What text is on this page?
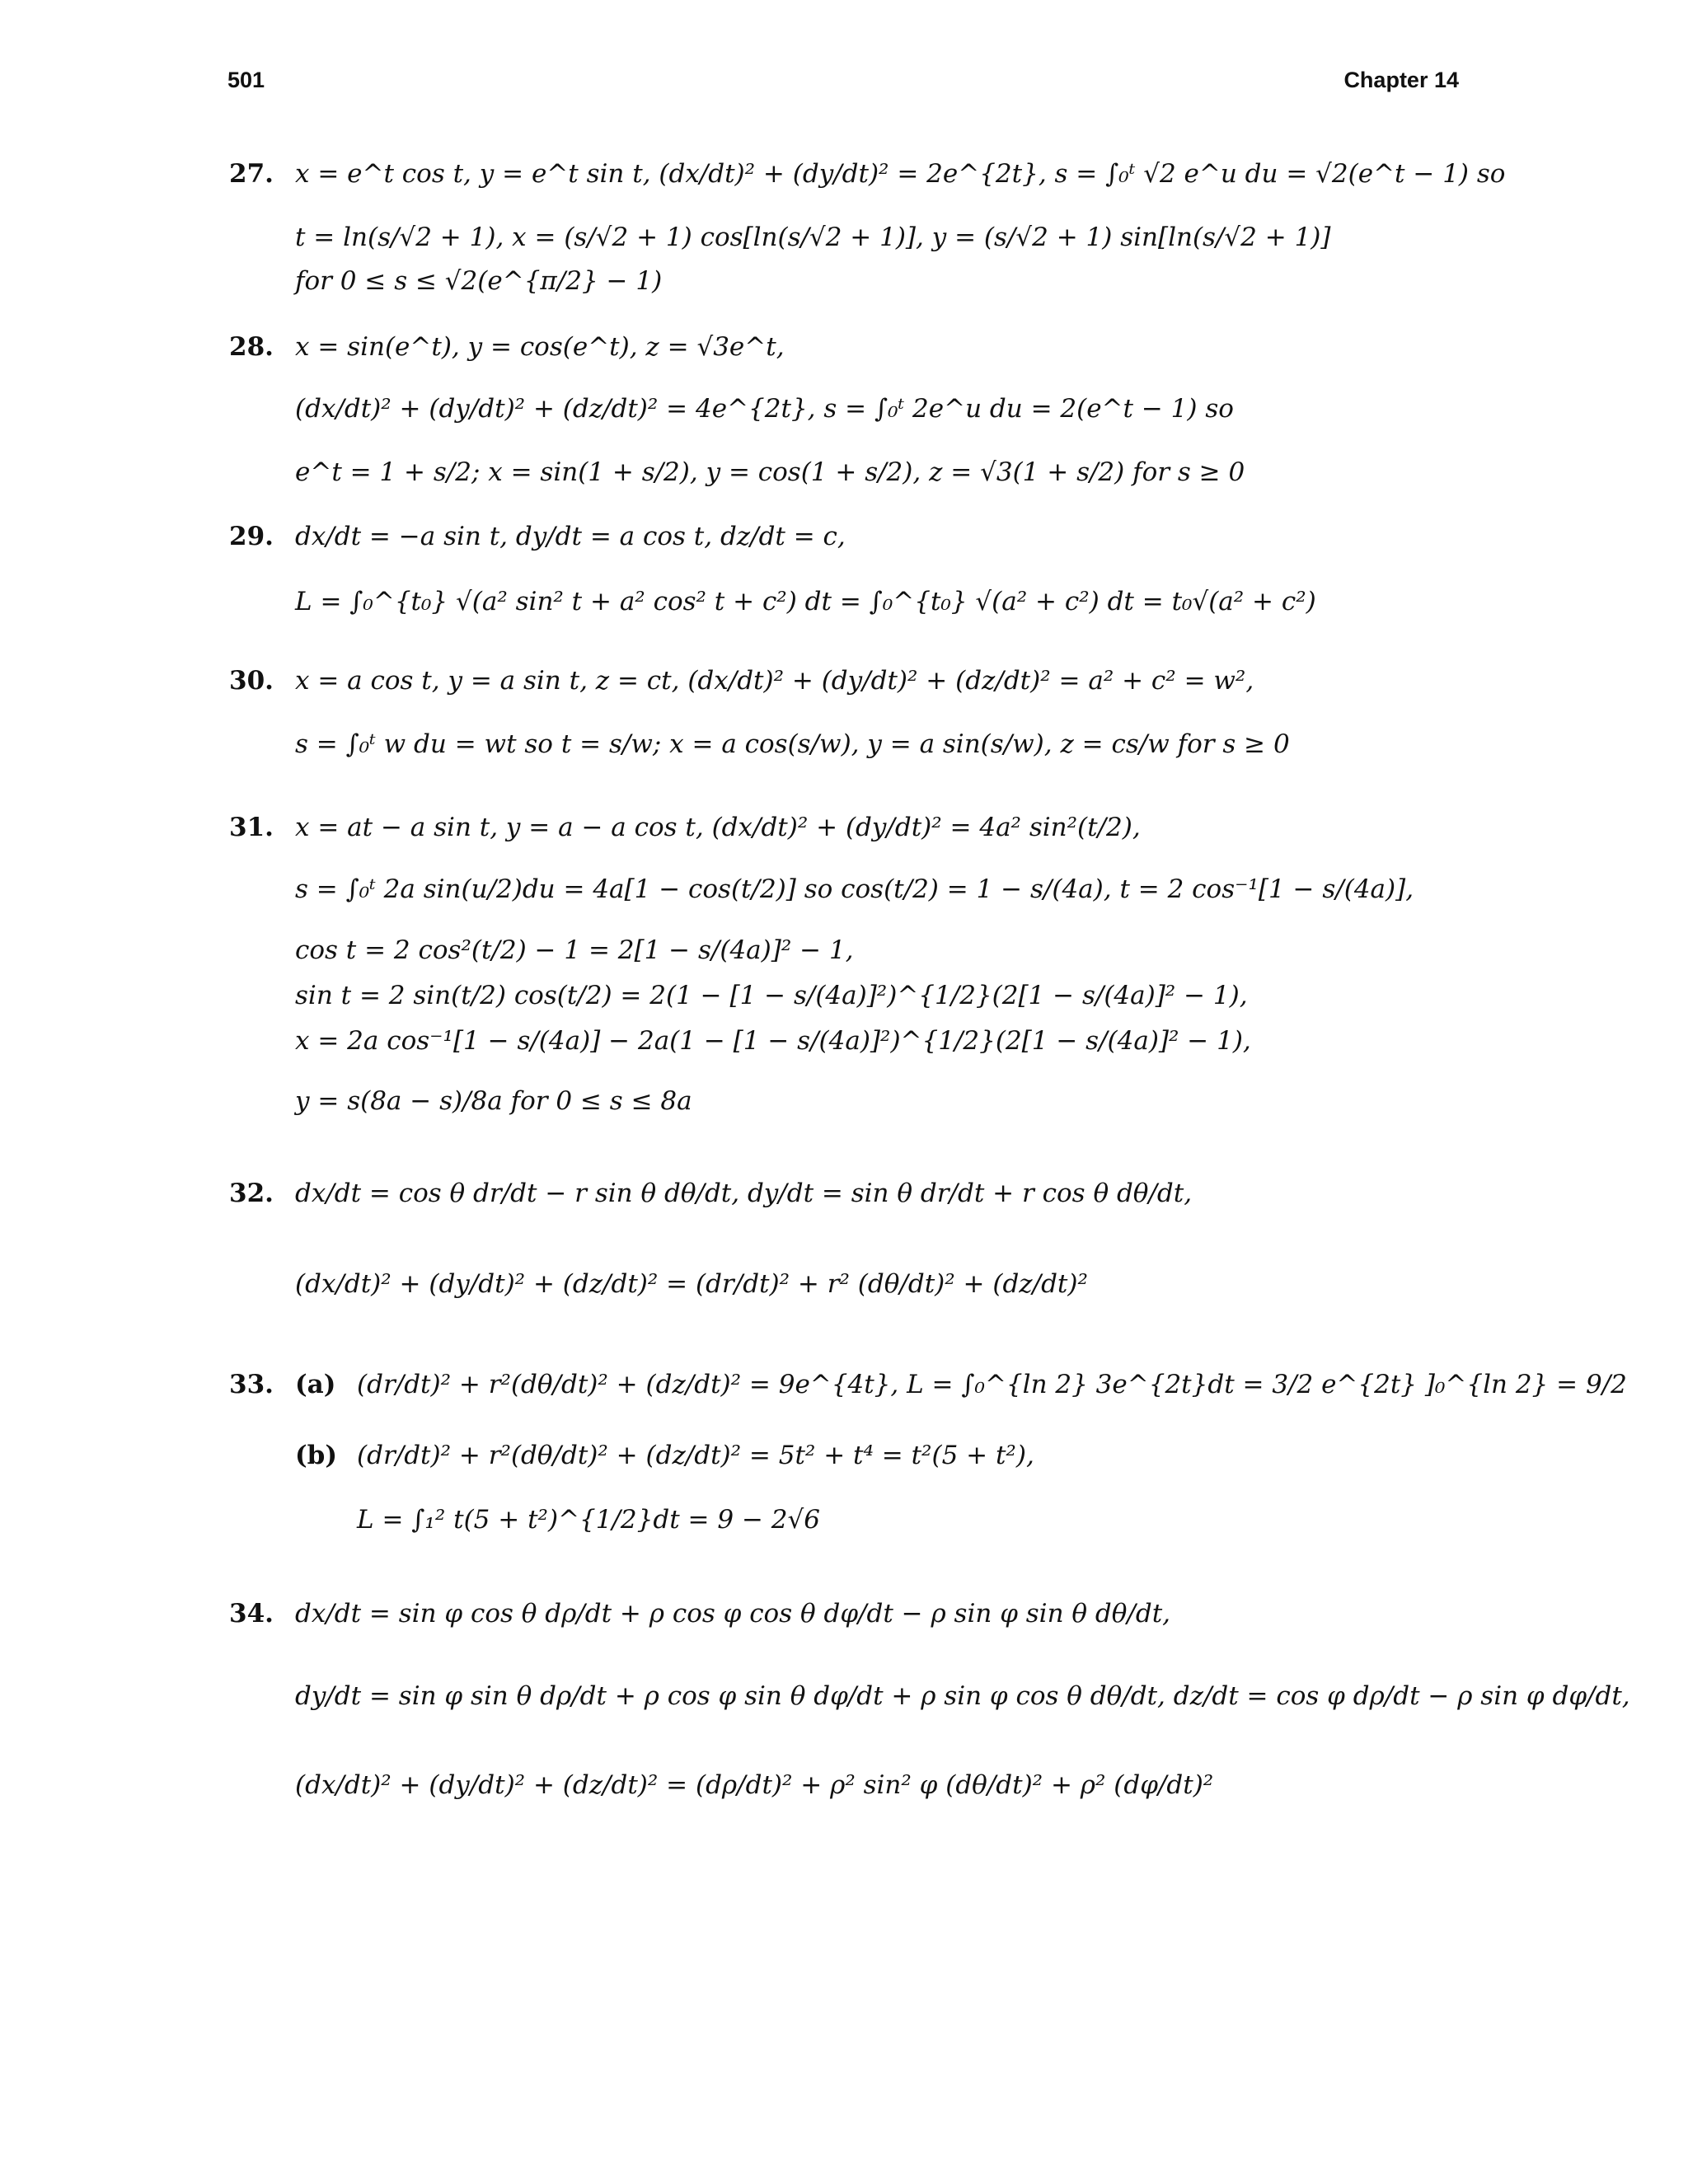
501	Chapter 14
27. x = e^t cos t, y = e^t sin t, (dx/dt)² + (dy/dt)² = 2e^{2t}, s = ∫₀ᵗ √2 e^u du = √2(e^t − 1) so
t = ln(s/√2 + 1), x = (s/√2 + 1) cos[ln(s/√2 + 1)], y = (s/√2 + 1) sin[ln(s/√2 + 1)]
for 0 ≤ s ≤ √2(e^{π/2} − 1)
28. x = sin(e^t), y = cos(e^t), z = √3e^t,
(dx/dt)² + (dy/dt)² + (dz/dt)² = 4e^{2t}, s = ∫₀ᵗ 2e^u du = 2(e^t − 1) so
e^t = 1 + s/2; x = sin(1 + s/2), y = cos(1 + s/2), z = √3(1 + s/2) for s ≥ 0
29. dx/dt = −a sin t, dy/dt = a cos t, dz/dt = c,
L = ∫₀^{t₀} √(a² sin² t + a² cos² t + c²) dt = ∫₀^{t₀} √(a² + c²) dt = t₀√(a² + c²)
30. x = a cos t, y = a sin t, z = ct, (dx/dt)² + (dy/dt)² + (dz/dt)² = a² + c² = w²,
s = ∫₀ᵗ w du = wt so t = s/w; x = a cos(s/w), y = a sin(s/w), z = cs/w for s ≥ 0
31. x = at − a sin t, y = a − a cos t, (dx/dt)² + (dy/dt)² = 4a² sin²(t/2),
s = ∫₀ᵗ 2a sin(u/2)du = 4a[1 − cos(t/2)] so cos(t/2) = 1 − s/(4a), t = 2 cos⁻¹[1 − s/(4a)],
cos t = 2 cos²(t/2) − 1 = 2[1 − s/(4a)]² − 1,
sin t = 2 sin(t/2) cos(t/2) = 2(1 − [1 − s/(4a)]²)^{1/2}(2[1 − s/(4a)]² − 1),
x = 2a cos⁻¹[1 − s/(4a)] − 2a(1 − [1 − s/(4a)]²)^{1/2}(2[1 − s/(4a)]² − 1),
y = s(8a − s)/8a for 0 ≤ s ≤ 8a
32. dx/dt = cos θ dr/dt − r sin θ dθ/dt, dy/dt = sin θ dr/dt + r cos θ dθ/dt,
(dx/dt)² + (dy/dt)² + (dz/dt)² = (dr/dt)² + r² (dθ/dt)² + (dz/dt)²
33. (a) (dr/dt)² + r²(dθ/dt)² + (dz/dt)² = 9e^{4t}, L = ∫₀^{ln 2} 3e^{2t}dt = 3/2 e^{2t} ]₀^{ln 2} = 9/2
(b) (dr/dt)² + r²(dθ/dt)² + (dz/dt)² = 5t² + t⁴ = t²(5 + t²),
L = ∫₁² t(5 + t²)^{1/2}dt = 9 − 2√6
34. dx/dt = sin φ cos θ dρ/dt + ρ cos φ cos θ dφ/dt − ρ sin φ sin θ dθ/dt,
dy/dt = sin φ sin θ dρ/dt + ρ cos φ sin θ dφ/dt + ρ sin φ cos θ dθ/dt, dz/dt = cos φ dρ/dt − ρ sin φ dφ/dt,
(dx/dt)² + (dy/dt)² + (dz/dt)² = (dρ/dt)² + ρ² sin² φ (dθ/dt)² + ρ² (dφ/dt)²
